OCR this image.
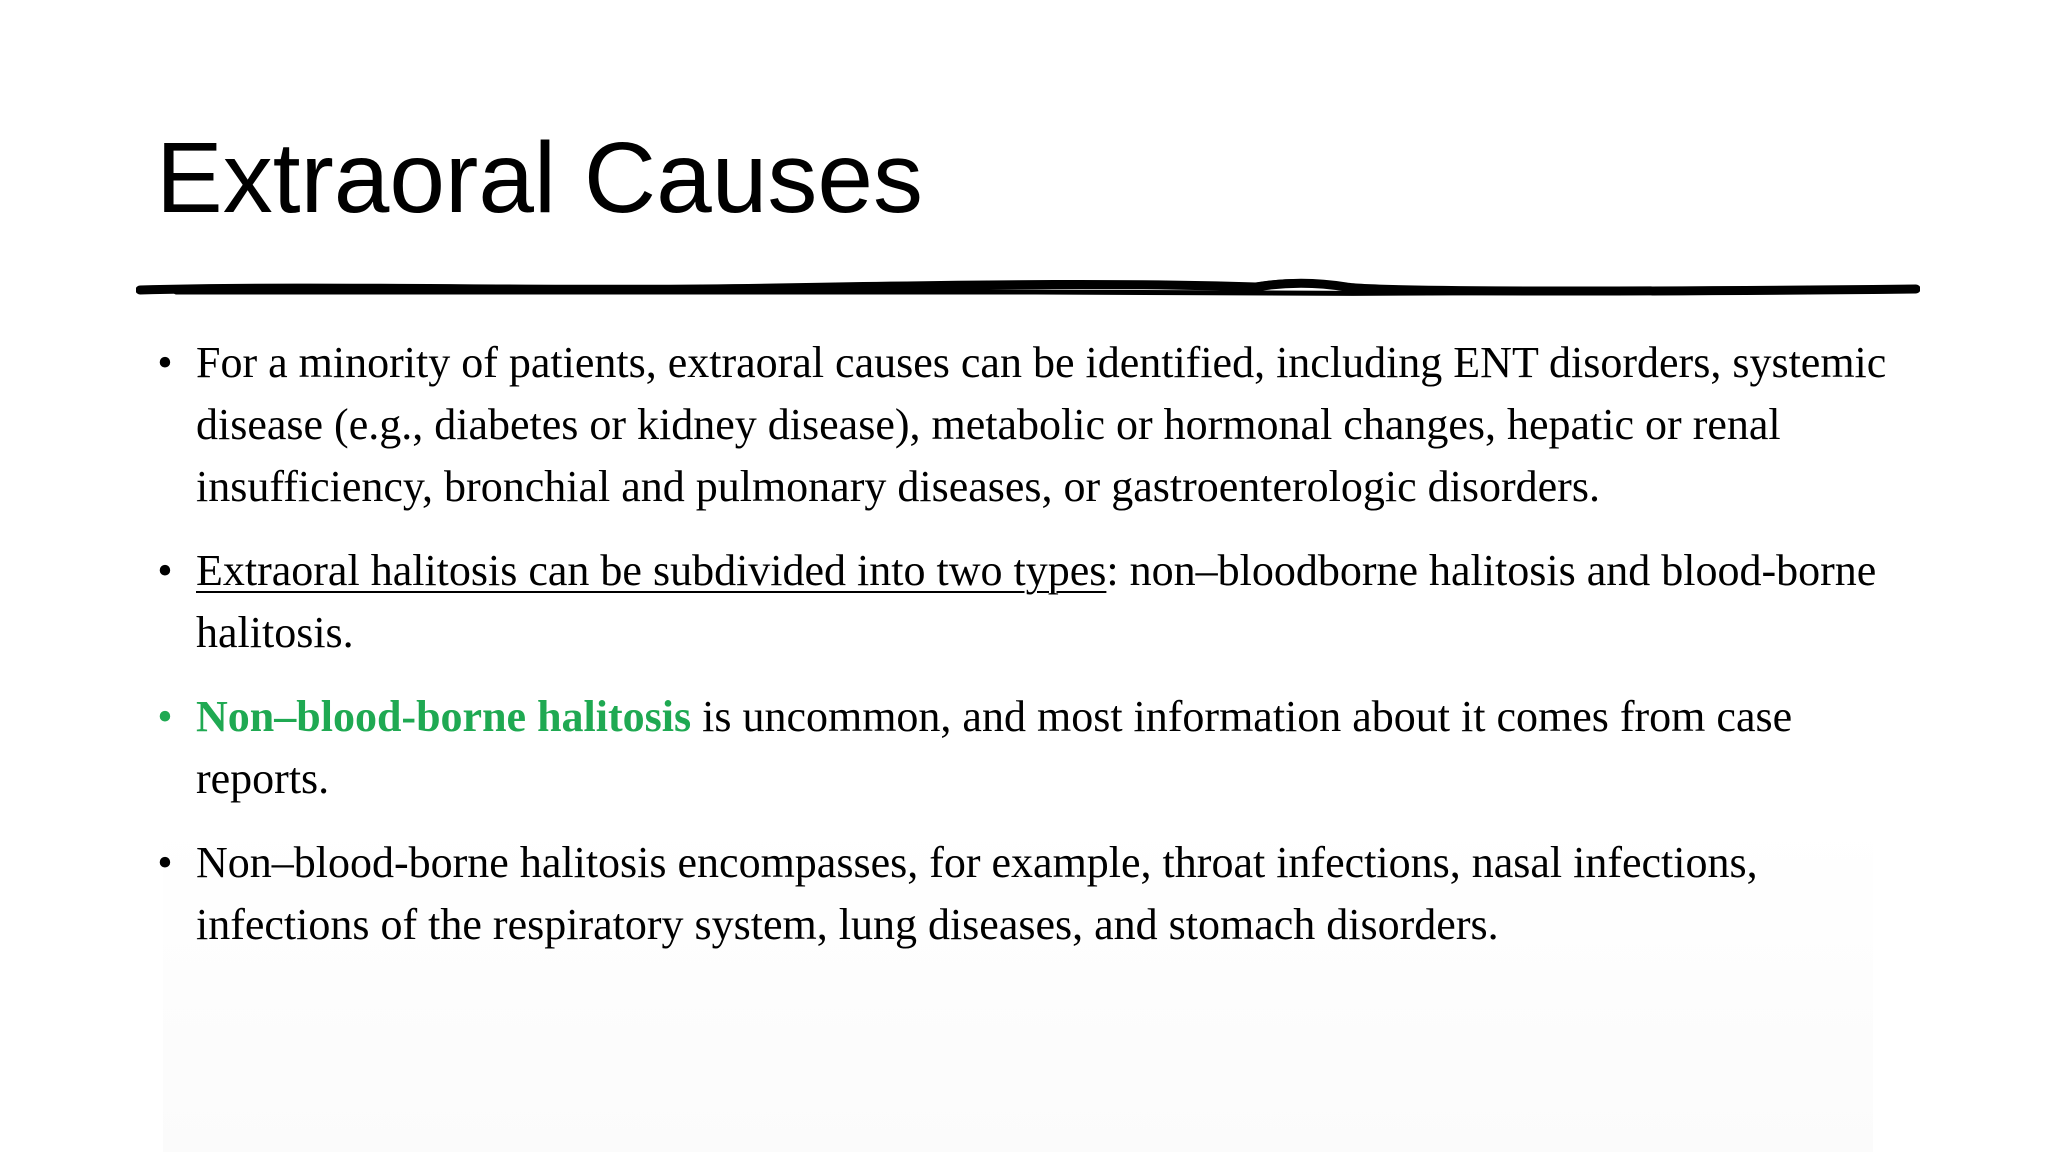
Extraoral Causes
• For a minority of patients, extraoral causes can be identified, including ENT disorders, systemic disease (e.g., diabetes or kidney disease), metabolic or hormonal changes, hepatic or renal insufficiency, bronchial and pulmonary diseases, or gastroenterologic disorders.
• Extraoral halitosis can be subdivided into two types: non–bloodborne halitosis and blood-borne halitosis.
• Non–blood-borne halitosis is uncommon, and most information about it comes from case reports.
• Non–blood-borne halitosis encompasses, for example, throat infections, nasal infections, infections of the respiratory system, lung diseases, and stomach disorders.
